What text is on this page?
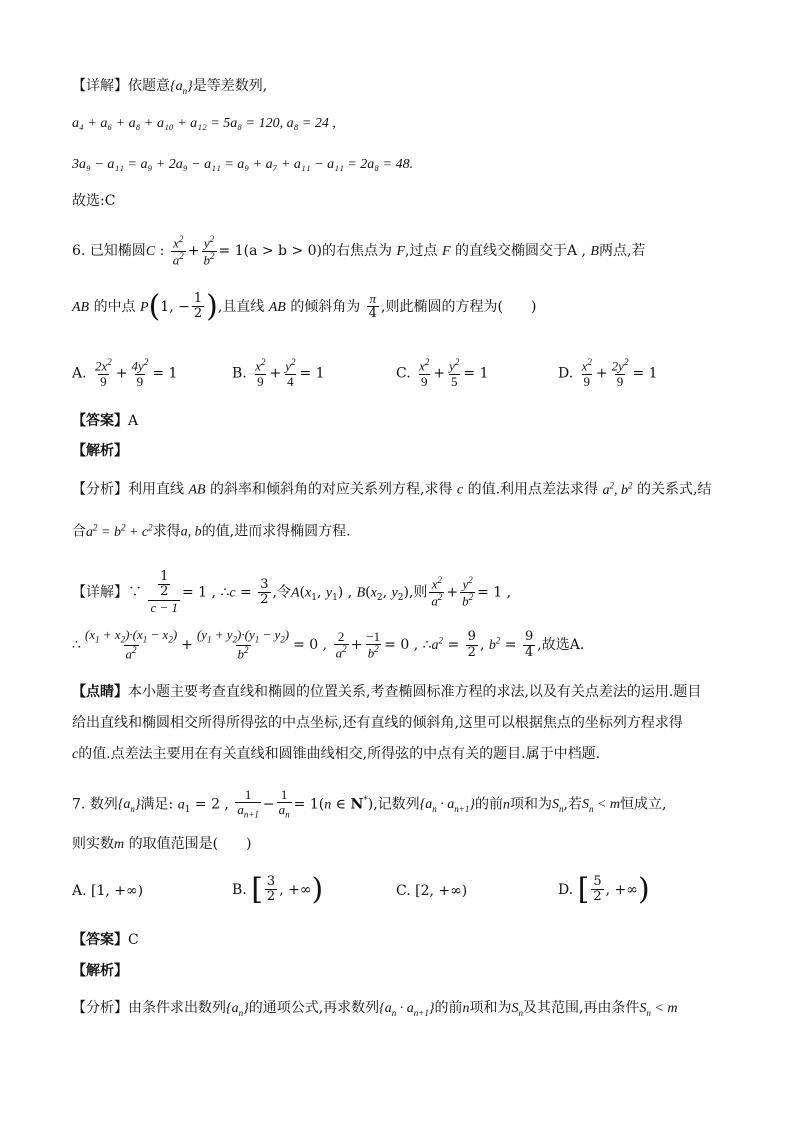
【详解】依题意$\{a_n\}$是等差数列,
a₄ + a₆ + a₈ + a₁₀ + a₁₂ = 5a₈ = 120, a₈ = 24 ,
3a₉ − a₁₁ = a₉ + 2a₉ − a₁₁ = a₉ + a₇ + a₁₁ − a₁₁ = 2a₈ = 48.
故选:C
6. 已知椭圆C : $\frac{x^2}{a^2} + \frac{y^2}{b^2} = 1(a > b > 0)$的右焦点为 F,过点 F 的直线交椭圆交于A , B两点,若
AB 的中点 P(1, − $\frac{1}{2}$ ),且直线 AB 的倾斜角为 $\frac{\pi}{4}$ ,则此椭圆的方程为(　　)
A. $\frac{2x^2}{9} + \frac{4y^2}{9} = 1$	B. $\frac{x^2}{9} + \frac{y^2}{4} = 1$	C. $\frac{x^2}{9} + \frac{y^2}{5} = 1$	D. $\frac{x^2}{9} + \frac{2y^2}{9} = 1$
【答案】A
【解析】
【分析】利用直线 AB 的斜率和倾斜角的对应关系列方程,求得 c 的值.利用点差法求得 $a^2$, $b^2$ 的关系式,结
合$a^2 = b^2 + c^2$求得a, b的值,进而求得椭圆方程.
【详解】∵ $\frac{\frac{1}{2}}{c - 1} = 1$ , ∴c = $\frac{3}{2}$ ,令$A(x_1$, $y_1$) , $B(x_2$, $y_2$),则 $\frac{x^2}{a^2} + \frac{y^2}{b^2} = 1$ ,
∴ $\frac{(x_1 + x_2)\cdot(x_1 - x_2)}{a^2} + \frac{(y_1 + y_2)\cdot(y_1 - y_2)}{b^2} = 0$ , $\frac{2}{a^2} + \frac{-1}{b^2} = 0$ , $\therefore a^2 = \frac{9}{2}$ , $b^2 = \frac{9}{4}$ ,故选A.
【点睛】本小题主要考查直线和椭圆的位置关系,考查椭圆标准方程的求法,以及有关点差法的运用.题目
给出直线和椭圆相交所得所得弦的中点坐标,还有直线的倾斜角,这里可以根据焦点的坐标列方程求得
c的值.点差法主要用在有关直线和圆锥曲线相交,所得弦的中点有关的题目.属于中档题.
7. 数列$\{a_n\}$满足: $a_1 = 2$ , $\frac{1}{a_{n+1}} - \frac{1}{a_n} = 1(n$ ∈ N*),记数列$\{a_n \cdot a_{n+1}\}$的前n项和为$S_n$,若$S_n < m$恒成立,
则实数m 的取值范围是(　　)
A. [1, +∞)	B. [ $\frac{3}{2}$ , +∞)	C. [2, +∞)	D. [ $\frac{5}{2}$ , +∞)
【答案】C
【解析】
【分析】由条件求出数列$\{a_n\}$的通项公式,再求数列$\{a_n \cdot a_{n+1}\}$的前n项和为$S_n$及其范围,再由条件$S_n < m$
